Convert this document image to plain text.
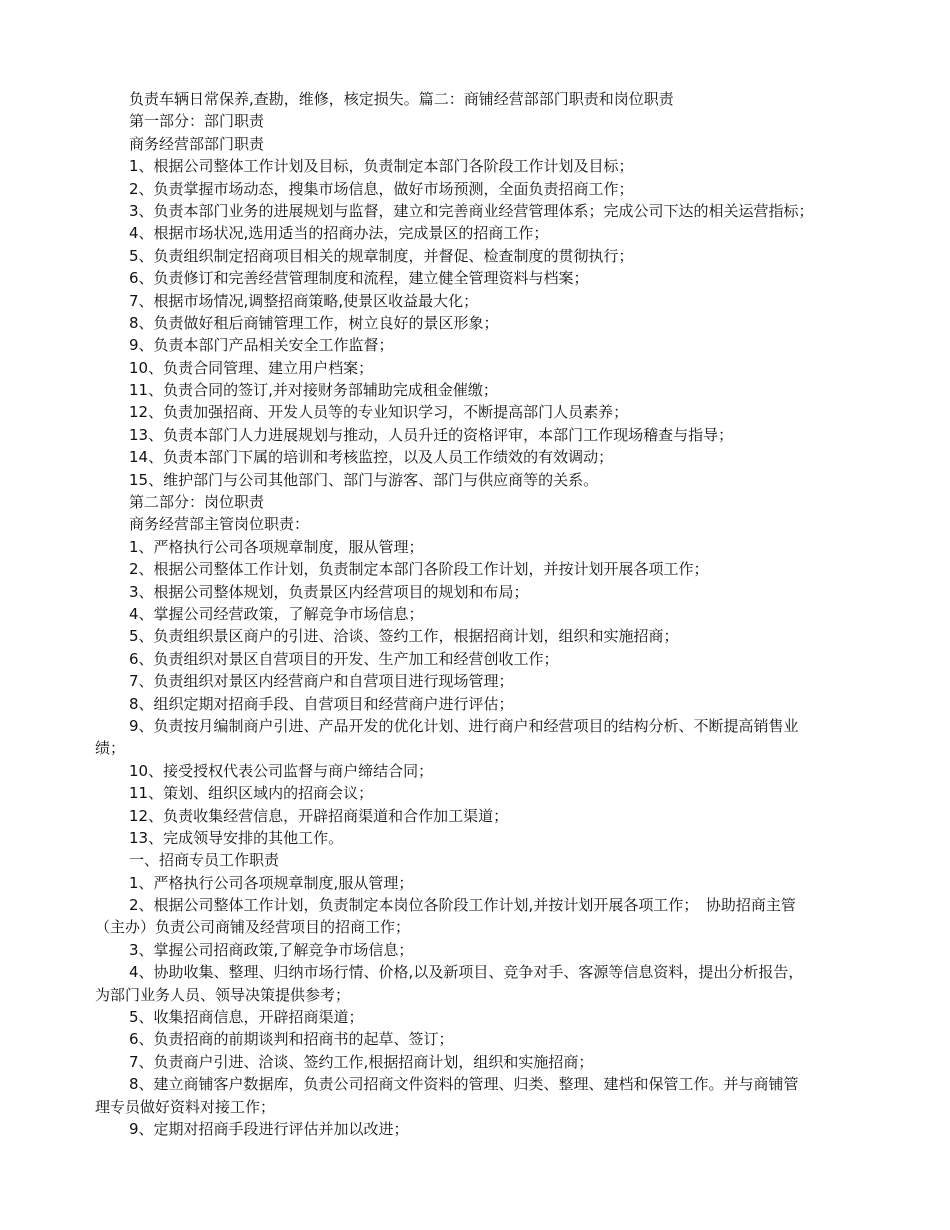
负责车辆日常保养,查勘，维修，核定损失。篇二：商铺经营部部门职责和岗位职责
第一部分：部门职责
商务经营部部门职责
1、根据公司整体工作计划及目标，负责制定本部门各阶段工作计划及目标；
2、负责掌握市场动态，搜集市场信息，做好市场预测，全面负责招商工作；
3、负责本部门业务的进展规划与监督，建立和完善商业经营管理体系；完成公司下达的相关运营指标；
4、根据市场状况,选用适当的招商办法，完成景区的招商工作；
5、负责组织制定招商项目相关的规章制度，并督促、检查制度的贯彻执行；
6、负责修订和完善经营管理制度和流程，建立健全管理资料与档案；
7、根据市场情况,调整招商策略,使景区收益最大化；
8、负责做好租后商铺管理工作，树立良好的景区形象；
9、负责本部门产品相关安全工作监督；
10、负责合同管理、建立用户档案；
11、负责合同的签订,并对接财务部辅助完成租金催缴；
12、负责加强招商、开发人员等的专业知识学习，不断提高部门人员素养；
13、负责本部门人力进展规划与推动，人员升迁的资格评审，本部门工作现场稽查与指导；
14、负责本部门下属的培训和考核监控，以及人员工作绩效的有效调动；
15、维护部门与公司其他部门、部门与游客、部门与供应商等的关系。
第二部分：岗位职责
商务经营部主管岗位职责：
1、严格执行公司各项规章制度，服从管理；
2、根据公司整体工作计划，负责制定本部门各阶段工作计划，并按计划开展各项工作；
3、根据公司整体规划，负责景区内经营项目的规划和布局；
4、掌握公司经营政策，了解竞争市场信息；
5、负责组织景区商户的引进、洽谈、签约工作，根据招商计划，组织和实施招商；
6、负责组织对景区自营项目的开发、生产加工和经营创收工作；
7、负责组织对景区内经营商户和自营项目进行现场管理；
8、组织定期对招商手段、自营项目和经营商户进行评估；
9、负责按月编制商户引进、产品开发的优化计划、进行商户和经营项目的结构分析、不断提高销售业
绩；
10、接受授权代表公司监督与商户缔结合同；
11、策划、组织区域内的招商会议；
12、负责收集经营信息，开辟招商渠道和合作加工渠道；
13、完成领导安排的其他工作。
一、招商专员工作职责
1、严格执行公司各项规章制度,服从管理；
2、根据公司整体工作计划，负责制定本岗位各阶段工作计划,并按计划开展各项工作；　协助招商主管
（主办）负责公司商铺及经营项目的招商工作；
3、掌握公司招商政策,了解竞争市场信息；
4、协助收集、整理、归纳市场行情、价格,以及新项目、竞争对手、客源等信息资料，提出分析报告，
为部门业务人员、领导决策提供参考；
5、收集招商信息，开辟招商渠道；
6、负责招商的前期谈判和招商书的起草、签订；
7、负责商户引进、洽谈、签约工作,根据招商计划，组织和实施招商；
8、建立商铺客户数据库，负责公司招商文件资料的管理、归类、整理、建档和保管工作。并与商铺管
理专员做好资料对接工作；
9、定期对招商手段进行评估并加以改进；
